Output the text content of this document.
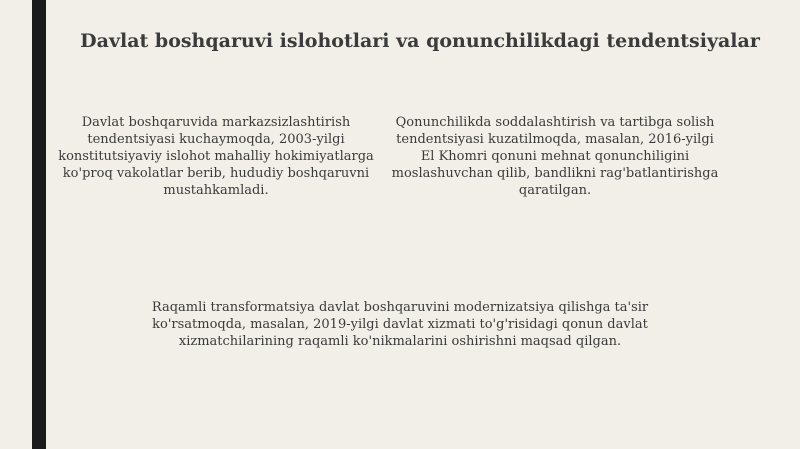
Davlat boshqaruvi islohotlari va qonunchilikdagi tendentsiyalar

Davlat boshqaruvida markazsizlashtirish tendentsiyasi kuchaymoqda, 2003-yilgi konstitutsiyaviy islohot mahalliy hokimiyatlarga ko'proq vakolatlar berib, hududiy boshqaruvni mustahkamladi.

Qonunchilikda soddalashtirish va tartibga solish tendentsiyasi kuzatilmoqda, masalan, 2016-yilgi El Khomri qonuni mehnat qonunchiligini moslashuvchan qilib, bandlikni rag'batlantirishga qaratilgan.

Raqamli transformatsiya davlat boshqaruvini modernizatsiya qilishga ta'sir ko'rsatmoqda, masalan, 2019-yilgi davlat xizmati to'g'risidagi qonun davlat xizmatchilarining raqamli ko'nikmalarini oshirishni maqsad qilgan.
